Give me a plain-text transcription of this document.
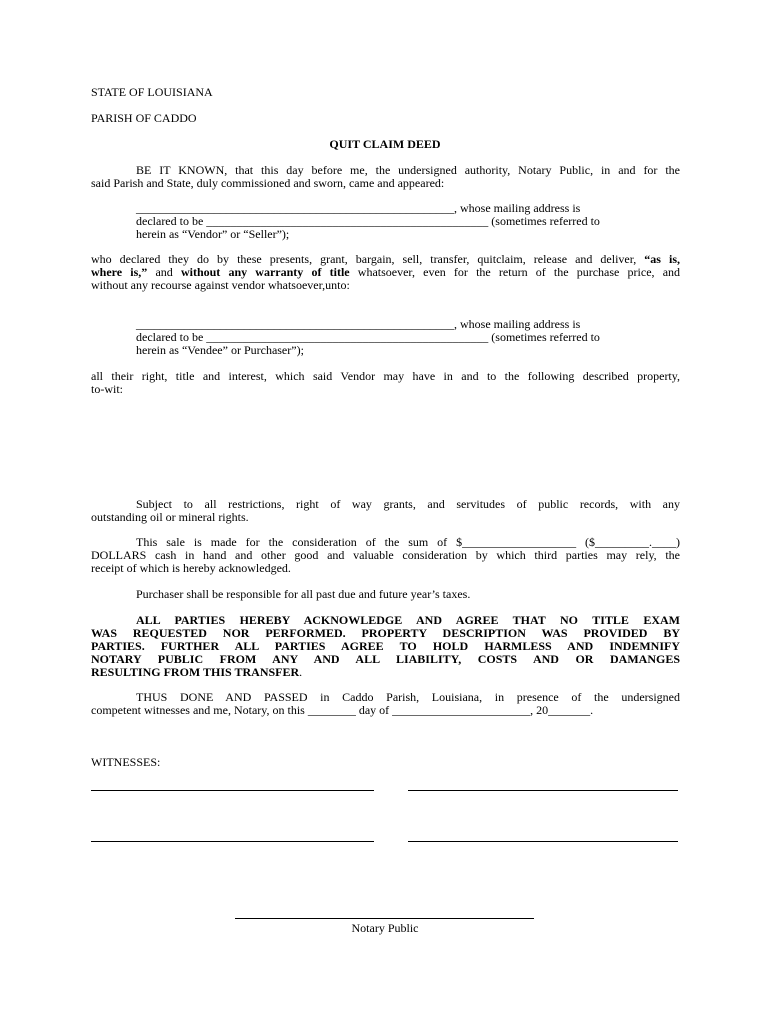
STATE OF LOUISIANA
PARISH OF CADDO
QUIT CLAIM DEED
BE IT KNOWN, that this day before me, the undersigned authority, Notary Public, in and for the
said Parish and State, duly commissioned and sworn, came and appeared:
_____________________________________________________, whose mailing address is
declared to be _______________________________________________ (sometimes referred to
herein as “Vendor” or “Seller”);
who declared they do by these presents, grant, bargain, sell, transfer, quitclaim, release and deliver, “as is,
where is,” and without any warranty of title whatsoever, even for the return of the purchase price, and
without any recourse against vendor whatsoever,unto:
_____________________________________________________, whose mailing address is
declared to be _______________________________________________ (sometimes referred to
herein as “Vendee” or Purchaser”);
all their right, title and interest, which said Vendor may have in and to the following described property,
to-wit:
Subject to all restrictions, right of way grants, and servitudes of public records, with any
outstanding oil or mineral rights.
This sale is made for the consideration of the sum of $___________________ ($_________.____)
DOLLARS cash in hand and other good and valuable consideration by which third parties may rely, the
receipt of which is hereby acknowledged.
Purchaser shall be responsible for all past due and future year’s taxes.
ALL PARTIES HEREBY ACKNOWLEDGE AND AGREE THAT NO TITLE EXAM
WAS REQUESTED NOR PERFORMED. PROPERTY DESCRIPTION WAS PROVIDED BY
PARTIES. FURTHER ALL PARTIES AGREE TO HOLD HARMLESS AND INDEMNIFY
NOTARY PUBLIC FROM ANY AND ALL LIABILITY, COSTS AND OR DAMANGES
RESULTING FROM THIS TRANSFER.
THUS DONE AND PASSED in Caddo Parish, Louisiana, in presence of the undersigned
competent witnesses and me, Notary, on this ________ day of _______________________, 20_______.
WITNESSES:
Notary Public
